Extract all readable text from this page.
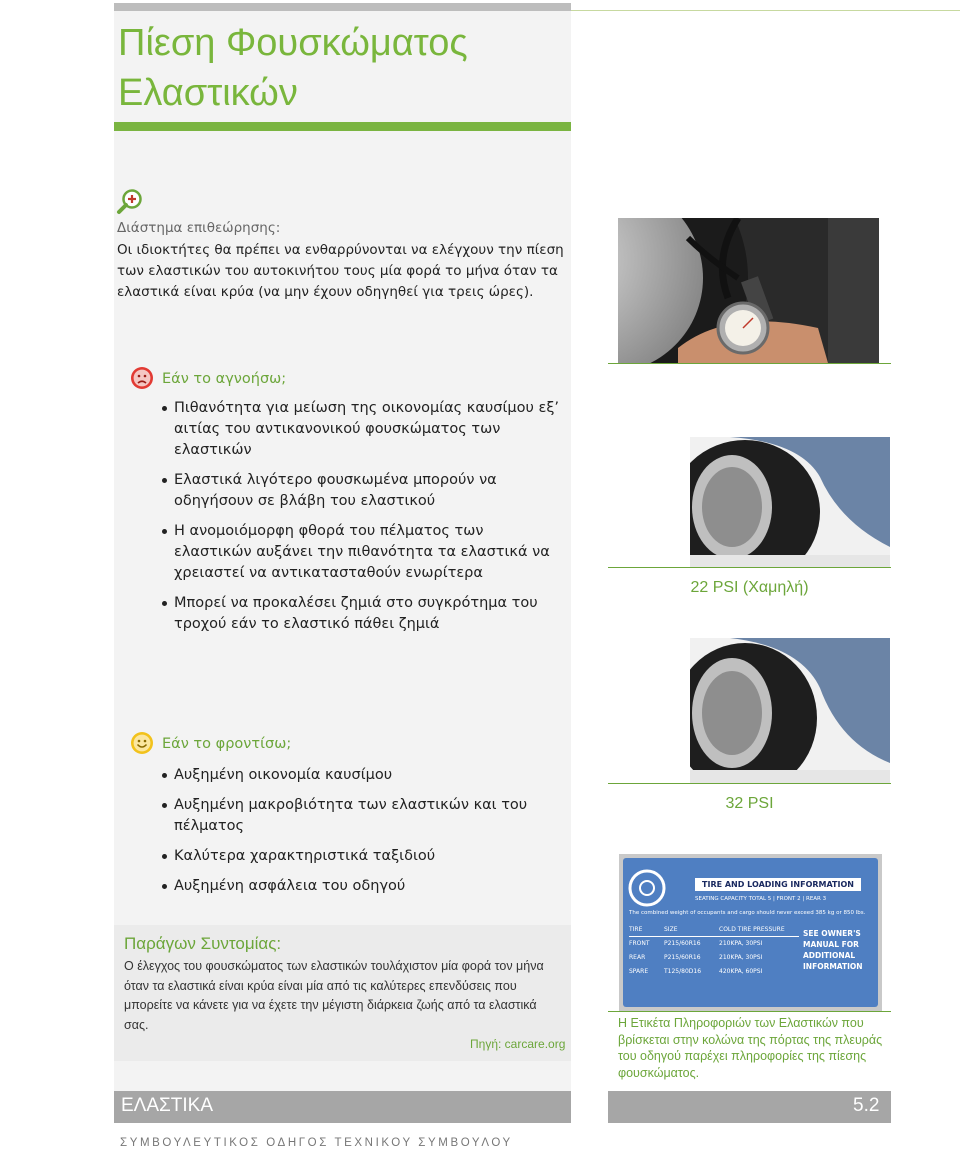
Πίεση Φουσκώματος Ελαστικών
Διάστημα επιθεώρησης:
Οι ιδιοκτήτες θα πρέπει να ενθαρρύνονται να ελέγχουν την πίεση των ελαστικών του αυτοκινήτου τους μία φορά το μήνα όταν τα ελαστικά είναι κρύα (να μην έχουν οδηγηθεί για τρεις ώρες).
Εάν το αγνοήσω;
Πιθανότητα για μείωση της οικονομίας καυσίμου εξ’ αιτίας του αντικανονικού φουσκώματος των ελαστικών
Ελαστικά λιγότερο φουσκωμένα μπορούν να οδηγήσουν σε βλάβη του ελαστικού
Η ανομοιόμορφη φθορά του πέλματος των ελαστικών αυξάνει την πιθανότητα τα ελαστικά να χρειαστεί να αντικατασταθούν ενωρίτερα
Μπορεί να προκαλέσει ζημιά στο συγκρότημα του τροχού εάν το ελαστικό πάθει ζημιά
Εάν το φροντίσω;
Αυξημένη οικονομία καυσίμου
Αυξημένη μακροβιότητα των ελαστικών και του πέλματος
Καλύτερα χαρακτηριστικά ταξιδιού
Αυξημένη ασφάλεια του οδηγού
Παράγων Συντομίας:
Ο έλεγχος του φουσκώματος των ελαστικών τουλάχιστον μία φορά τον μήνα όταν τα ελαστικά είναι κρύα είναι μία από τις καλύτερες επενδύσεις που μπορείτε να κάνετε για να έχετε την μέγιστη διάρκεια ζωής από τα ελαστικά σας.
Πηγή: carcare.org
22 PSI (Χαμηλή)
32 PSI
TIRE AND LOADING INFORMATION
SEATING CAPACITY TOTAL 5 | FRONT 2 | REAR 3
The combined weight of occupants and cargo should never exceed 385 kg or 850 lbs.
TIRE	SIZE	COLD TIRE PRESSURE
FRONT	P215/60R16	210KPA, 30PSI
REAR	P215/60R16	210KPA, 30PSI
SPARE	T125/80D16	420KPA, 60PSI
SEE OWNER'S MANUAL FOR ADDITIONAL INFORMATION
Η Ετικέτα Πληροφοριών των Ελαστικών που βρίσκεται στην κολώνα της πόρτας της πλευράς του οδηγού παρέχει πληροφορίες της πίεσης φουσκώματος.
ΕΛΑΣΤΙΚΑ	5.2
ΣΥΜΒΟΥΛΕΥΤΙΚΟΣ ΟΔΗΓΟΣ ΤΕΧΝΙΚΟΥ ΣΥΜΒΟΥΛΟΥ
